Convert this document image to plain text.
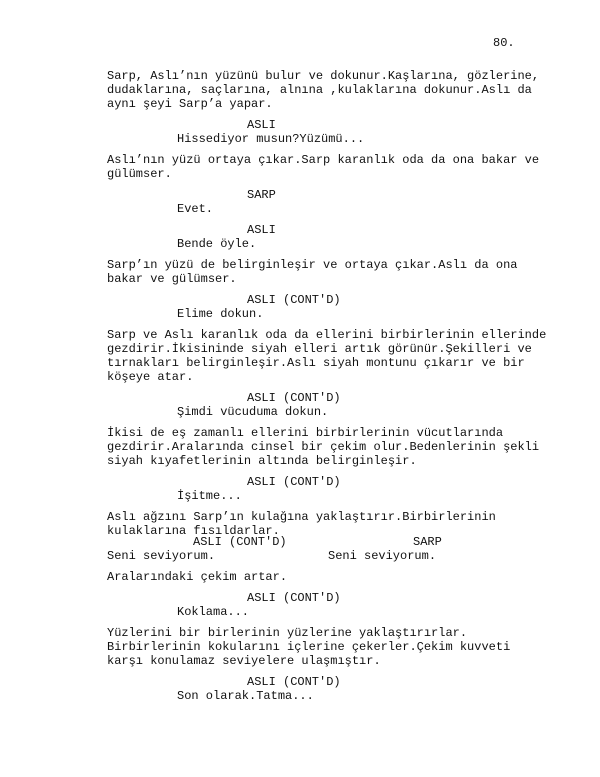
80.
Sarp, Aslı’nın yüzünü bulur ve dokunur.Kaşlarına, gözlerine,
dudaklarına, saçlarına, alnına ,kulaklarına dokunur.Aslı da
aynı şeyi Sarp’a yapar.
ASLI
Hissediyor musun?Yüzümü...
Aslı’nın yüzü ortaya çıkar.Sarp karanlık oda da ona bakar ve
gülümser.
SARP
Evet.
ASLI
Bende öyle.
Sarp’ın yüzü de belirginleşir ve ortaya çıkar.Aslı da ona
bakar ve gülümser.
ASLI (CONT'D)
Elime dokun.
Sarp ve Aslı karanlık oda da ellerini birbirlerinin ellerinde
gezdirir.İkisininde siyah elleri artık görünür.Şekilleri ve
tırnakları belirginleşir.Aslı siyah montunu çıkarır ve bir
köşeye atar.
ASLI (CONT'D)
Şimdi vücuduma dokun.
İkisi de eş zamanlı ellerini birbirlerinin vücutlarında
gezdirir.Aralarında cinsel bir çekim olur.Bedenlerinin şekli
siyah kıyafetlerinin altında belirginleşir.
ASLI (CONT'D)
İşitme...
Aslı ağzını Sarp’ın kulağına yaklaştırır.Birbirlerinin
kulaklarına fısıldarlar.
ASLI (CONT'D)	SARP
Seni seviyorum.	Seni seviyorum.
Aralarındaki çekim artar.
ASLI (CONT'D)
Koklama...
Yüzlerini bir birlerinin yüzlerine yaklaştırırlar.
Birbirlerinin kokularını içlerine çekerler.Çekim kuvveti
karşı konulamaz seviyelere ulaşmıştır.
ASLI (CONT'D)
Son olarak.Tatma...
